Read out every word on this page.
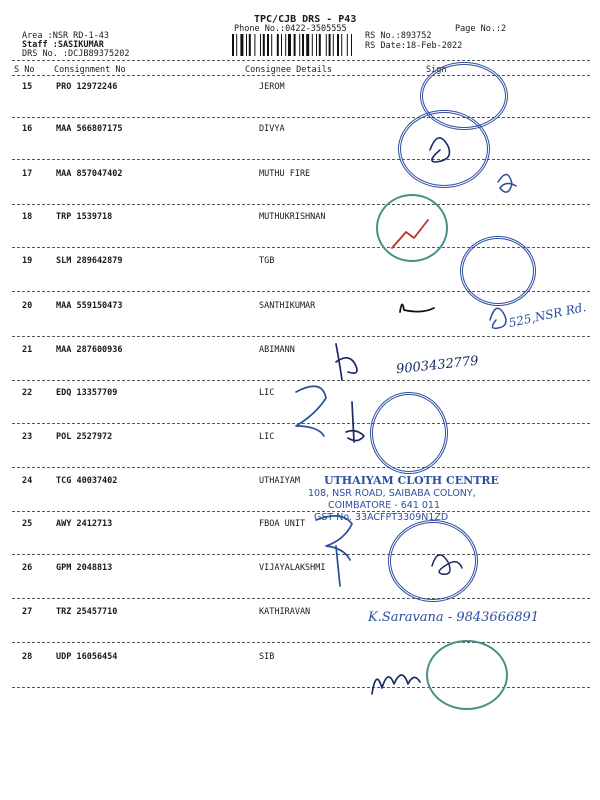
TPC/CJB DRS - P43
Phone No.:0422-3505555
Area :NSR RD-1-43
Staff :SASIKUMAR
DRS No. :DCJB89375202
RS No.:893752
RS Date:18-Feb-2022
Page No.:2
S No Consignment No	Consignee Details	Sign
15	PRO 12972246	JEROM
16	MAA 566807175	DIVYA
17	MAA 857047402	MUTHU FIRE
18	TRP 1539718	MUTHUKRISHNAN
19	SLM 289642879	TGB
20	MAA 559150473	SANTHIKUMAR
21	MAA 287600936	ABIMANN
22	EDQ 13357709	LIC
23	POL 2527972	LIC
24	TCG 40037402	UTHAIYAM
25	AWY 2412713	FBOA UNIT
26	GPM 2048813	VIJAYALAKSHMI
27	TRZ 25457710	KATHIRAVAN
28	UDP 16056454	SIB
UTHAIYAM CLOTH CENTRE
108, NSR ROAD, SAIBABA COLONY,
COIMBATORE - 641 011
GST No. 33ACFPT3309N1ZD
525,NSR Rd.
9003432779
K.Saravana - 9843666891
